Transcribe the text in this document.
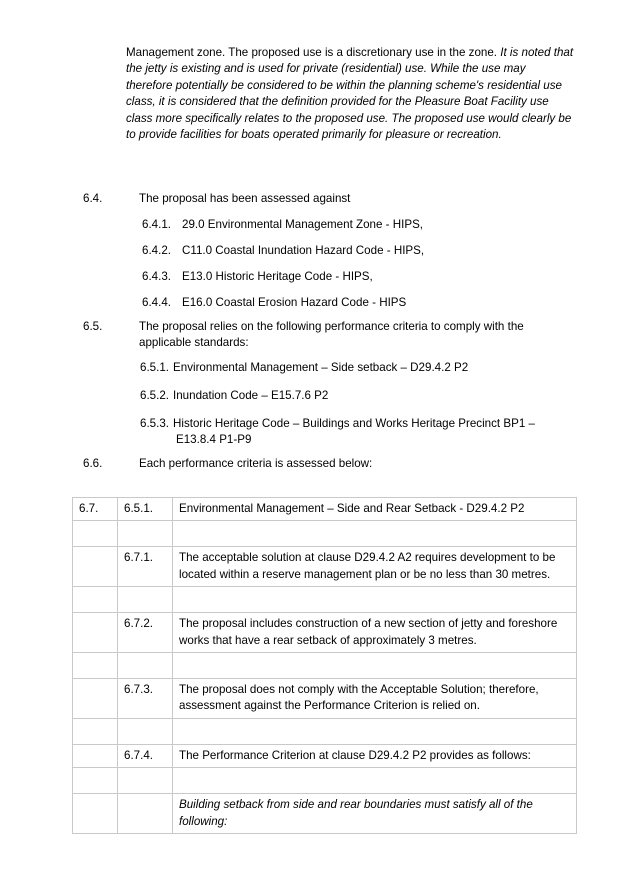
Management zone. The proposed use is a discretionary use in the zone. It is noted that the jetty is existing and is used for private (residential) use. While the use may therefore potentially be considered to be within the planning scheme's residential use class, it is considered that the definition provided for the Pleasure Boat Facility use class more specifically relates to the proposed use. The proposed use would clearly be to provide facilities for boats operated primarily for pleasure or recreation.
6.4.	The proposal has been assessed against
6.4.1. 29.0 Environmental Management Zone - HIPS,
6.4.2. C11.0 Coastal Inundation Hazard Code - HIPS,
6.4.3. E13.0 Historic Heritage Code - HIPS,
6.4.4. E16.0 Coastal Erosion Hazard Code - HIPS
6.5.	The proposal relies on the following performance criteria to comply with the applicable standards:
6.5.1. Environmental Management – Side setback – D29.4.2 P2
6.5.2. Inundation Code – E15.7.6 P2
6.5.3. Historic Heritage Code – Buildings and Works Heritage Precinct BP1 –
E13.8.4 P1-P9
6.6.	Each performance criteria is assessed below:
6.7.	6.5.1.	Environmental Management – Side and Rear Setback - D29.4.2 P2

	6.7.1.	The acceptable solution at clause D29.4.2 A2 requires development to be located within a reserve management plan or be no less than 30 metres.

	6.7.2.	The proposal includes construction of a new section of jetty and foreshore works that have a rear setback of approximately 3 metres.

	6.7.3.	The proposal does not comply with the Acceptable Solution; therefore, assessment against the Performance Criterion is relied on.

	6.7.4.	The Performance Criterion at clause D29.4.2 P2 provides as follows:

		Building setback from side and rear boundaries must satisfy all of the following:
